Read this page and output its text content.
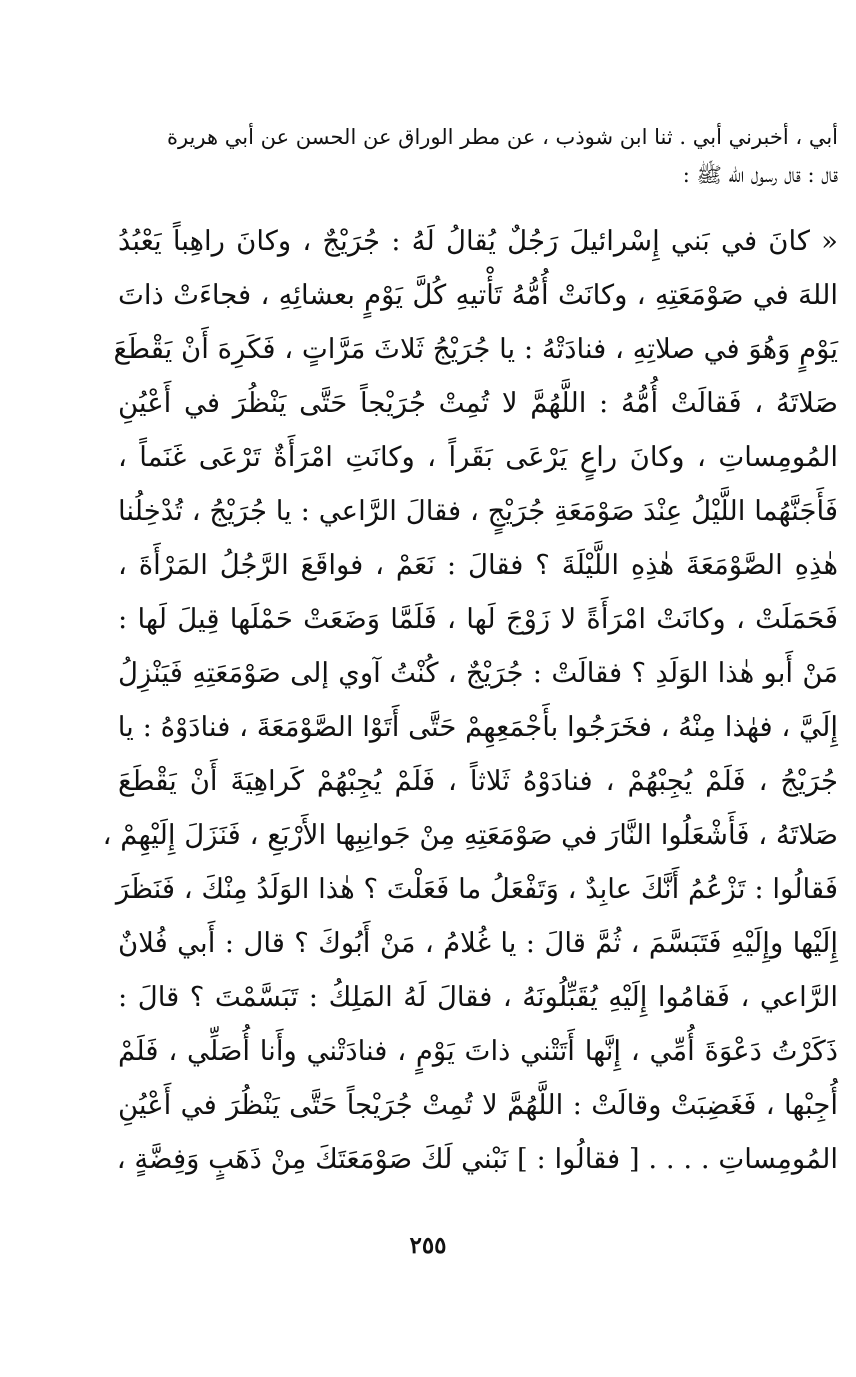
أبي ، أخبرني أبي . ثنا ابن شوذب ، عن مطر الوراق عن الحسن عن أبي هريرة
قال : قال رسول الله ﷺ :
« كانَ في بَني إِسْرائيلَ رَجُلٌ يُقالُ لَهُ : جُرَيْجٌ ، وكانَ راهِباً يَعْبُدُ
اللهَ في صَوْمَعَتِهِ ، وكانَتْ أُمُّهُ تَأْتيهِ كُلَّ يَوْمٍ بعشائِهِ ، فجاءَتْ ذاتَ
يَوْمٍ وَهُوَ في صلاتِهِ ، فنادَتْهُ : يا جُرَيْجُ ثَلاثَ مَرَّاتٍ ، فَكَرِهَ أَنْ يَقْطَعَ
صَلاتَهُ ، فَقالَتْ أُمُّهُ : اللَّهُمَّ لا تُمِتْ جُرَيْجاً حَتَّى يَنْظُرَ في أَعْيُنِ
المُومِساتِ ، وكانَ راعٍ يَرْعَى بَقَراً ، وكانَتِ امْرَأَةٌ تَرْعَى غَنَماً ،
فَأَجَنَّهُما اللَّيْلُ عِنْدَ صَوْمَعَةِ جُرَيْجٍ ، فقالَ الرَّاعي : يا جُرَيْجُ ، تُدْخِلُنا
هٰذِهِ الصَّوْمَعَةَ هٰذِهِ اللَّيْلَةَ ؟ فقالَ : نَعَمْ ، فواقَعَ الرَّجُلُ المَرْأَةَ ،
فَحَمَلَتْ ، وكانَتْ امْرَأَةً لا زَوْجَ لَها ، فَلَمَّا وَضَعَتْ حَمْلَها قِيلَ لَها :
مَنْ أَبو هٰذا الوَلَدِ ؟ فقالَتْ : جُرَيْجٌ ، كُنْتُ آوي إلى صَوْمَعَتِهِ فَيَنْزِلُ
إِلَيَّ ، فهٰذا مِنْهُ ، فخَرَجُوا بأَجْمَعِهِمْ حَتَّى أَتَوْا الصَّوْمَعَةَ ، فنادَوْهُ : يا
جُرَيْجُ ، فَلَمْ يُجِبْهُمْ ، فنادَوْهُ ثَلاثاً ، فَلَمْ يُجِبْهُمْ كَراهِيَةَ أَنْ يَقْطَعَ
صَلاتَهُ ، فَأَشْعَلُوا النَّارَ في صَوْمَعَتِهِ مِنْ جَوانِبِها الأَرْبَعِ ، فَنَزَلَ إِلَيْهِمْ ،
فَقالُوا : تَزْعُمُ أَنَّكَ عابِدٌ ، وَتَفْعَلُ ما فَعَلْتَ ؟ هٰذا الوَلَدُ مِنْكَ ، فَنَظَرَ
إِلَيْها وإِلَيْهِ فَتَبَسَّمَ ، ثُمَّ قالَ : يا غُلامُ ، مَنْ أَبُوكَ ؟ قال : أَبي فُلانٌ
الرَّاعي ، فَقامُوا إِلَيْهِ يُقَبِّلُونَهُ ، فقالَ لَهُ المَلِكُ : تَبَسَّمْتَ ؟ قالَ :
ذَكَرْتُ دَعْوَةَ أُمِّي ، إِنَّها أَتَتْني ذاتَ يَوْمٍ ، فنادَتْني وأَنا أُصَلِّي ، فَلَمْ
أُجِبْها ، فَغَضِبَتْ وقالَتْ : اللَّهُمَّ لا تُمِتْ جُرَيْجاً حَتَّى يَنْظُرَ في أَعْيُنِ
المُومِساتِ . . . . [ فقالُوا : ] نَبْني لَكَ صَوْمَعَتَكَ مِنْ ذَهَبٍ وَفِضَّةٍ ،
٢٥٥
